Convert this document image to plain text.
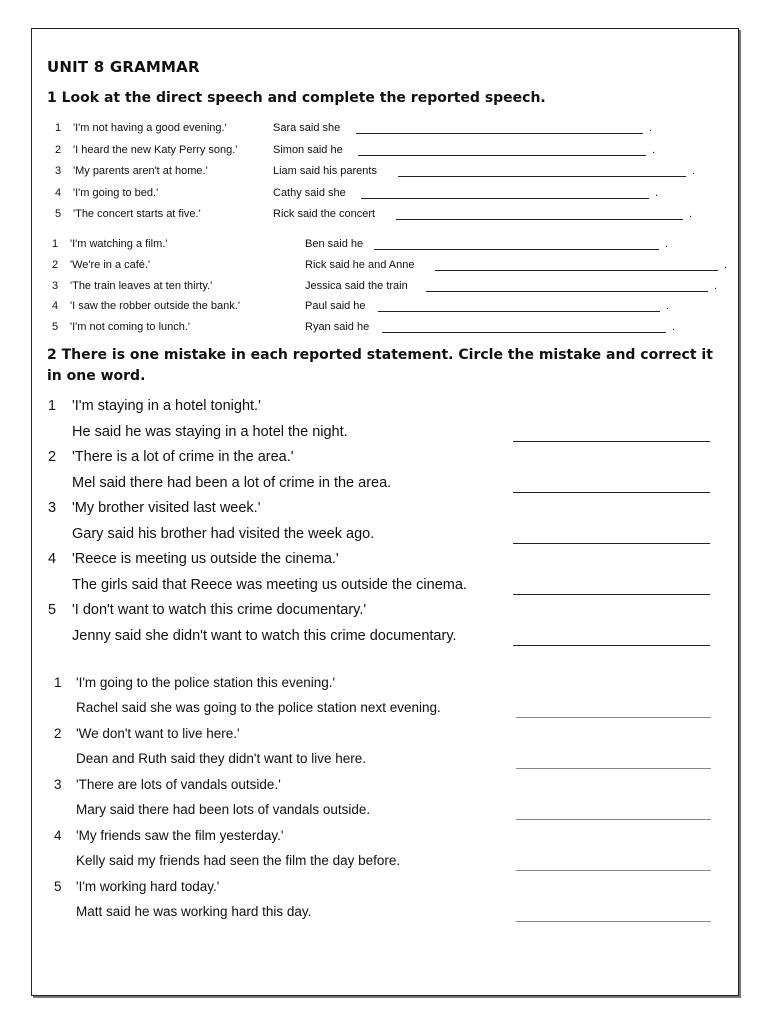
UNIT 8 GRAMMAR
1 Look at the direct speech and complete the reported speech.
1 'I'm not having a good evening.'	Sara said she	.
2 'I heard the new Katy Perry song.'	Simon said he	.
3 'My parents aren't at home.'	Liam said his parents	.
4 'I'm going to bed.'	Cathy said she	.
5 'The concert starts at five.'	Rick said the concert	.
1 'I'm watching a film.'	Ben said he	.
2 'We're in a café.'	Rick said he and Anne	.
3 'The train leaves at ten thirty.'	Jessica said the train	.
4 'I saw the robber outside the bank.'	Paul said he	.
5 'I'm not coming to lunch.'	Ryan said he	.
2 There is one mistake in each reported statement. Circle the mistake and correct it in one word.
1 'I'm staying in a hotel tonight.'
He said he was staying in a hotel the night.
2 'There is a lot of crime in the area.'
Mel said there had been a lot of crime in the area.
3 'My brother visited last week.'
Gary said his brother had visited the week ago.
4 'Reece is meeting us outside the cinema.'
The girls said that Reece was meeting us outside the cinema.
5 'I don't want to watch this crime documentary.'
Jenny said she didn't want to watch this crime documentary.
1 'I'm going to the police station this evening.'
Rachel said she was going to the police station next evening.
2 'We don't want to live here.'
Dean and Ruth said they didn't want to live here.
3 'There are lots of vandals outside.'
Mary said there had been lots of vandals outside.
4 'My friends saw the film yesterday.'
Kelly said my friends had seen the film the day before.
5 'I'm working hard today.'
Matt said he was working hard this day.
